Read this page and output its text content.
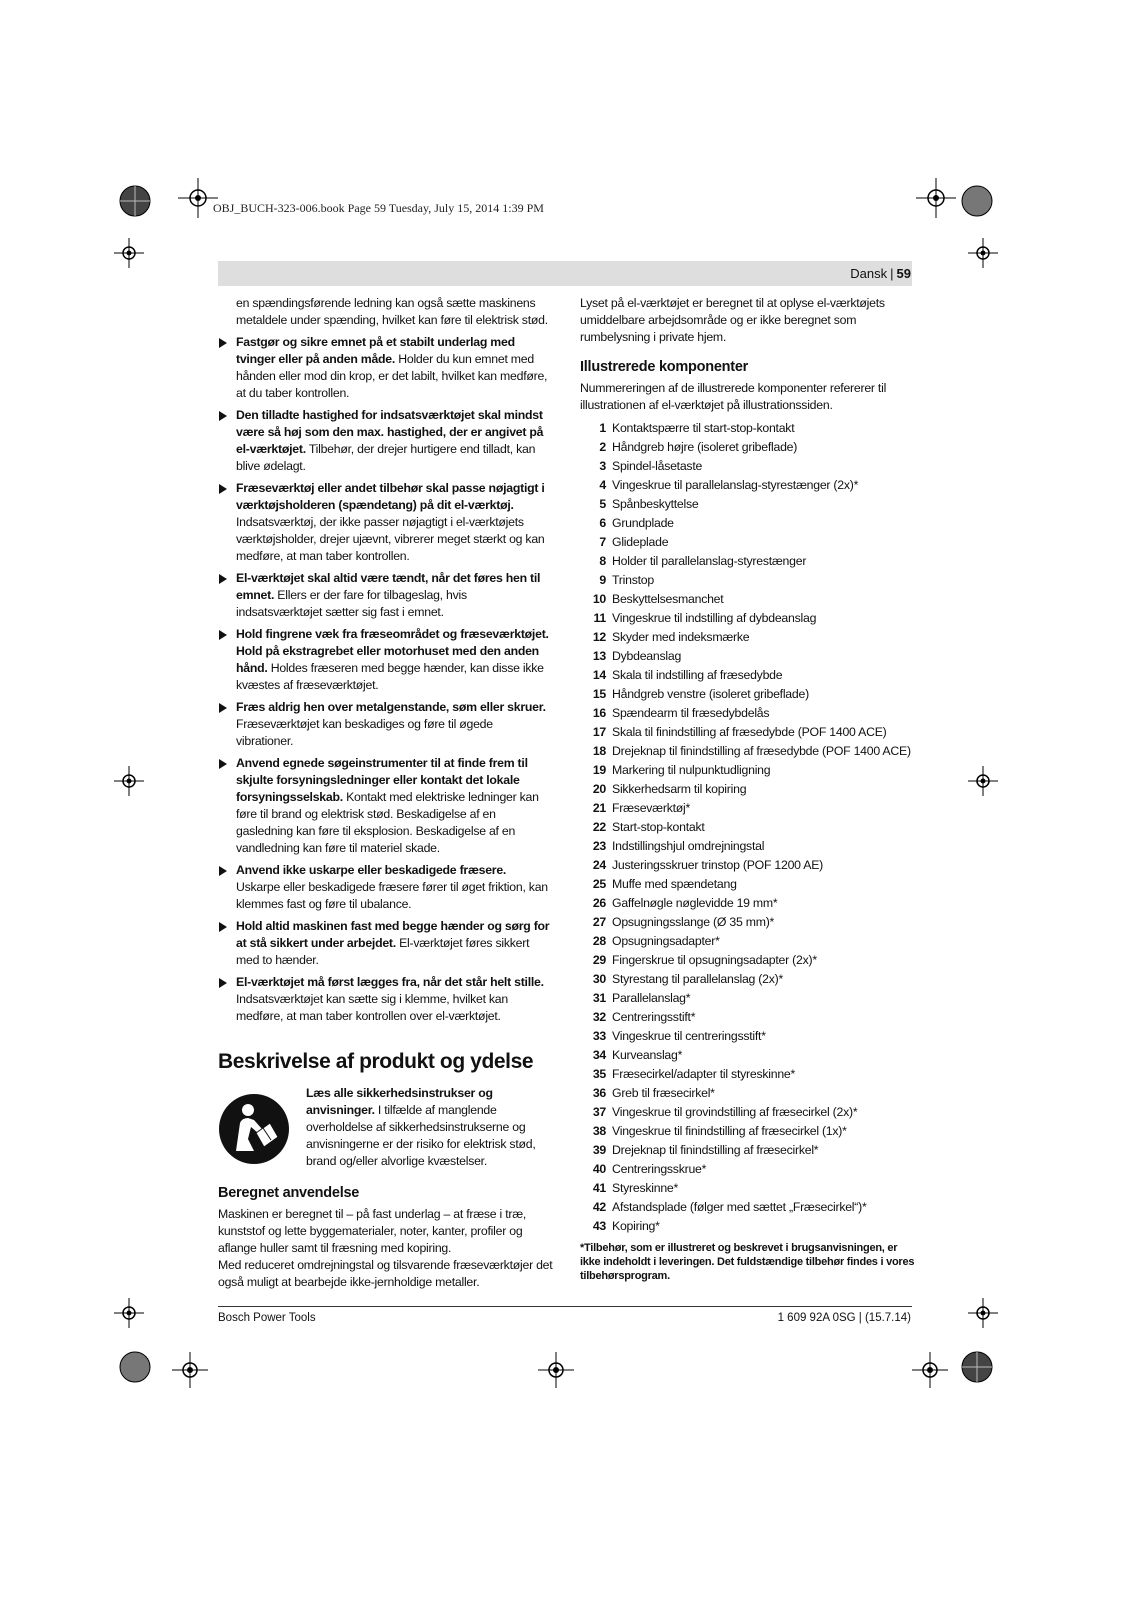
OBJ_BUCH-323-006.book Page 59 Tuesday, July 15, 2014 1:39 PM
Dansk | 59

en spændingsførende ledning kan også sætte maskinens metaldele under spænding, hvilket kan føre til elektrisk stød.

Fastgør og sikre emnet på et stabilt underlag med tvinger eller på anden måde. Holder du kun emnet med hånden eller mod din krop, er det labilt, hvilket kan medføre, at du taber kontrollen.
Den tilladte hastighed for indsatsværktøjet skal mindst være så høj som den max. hastighed, der er angivet på el-værktøjet. Tilbehør, der drejer hurtigere end tilladt, kan blive ødelagt.
Fræseværktøj eller andet tilbehør skal passe nøjagtigt i værktøjsholderen (spændetang) på dit el-værktøj. Indsatsværktøj, der ikke passer nøjagtigt i el-værktøjets værktøjsholder, drejer ujævnt, vibrerer meget stærkt og kan medføre, at man taber kontrollen.
El-værktøjet skal altid være tændt, når det føres hen til emnet. Ellers er der fare for tilbageslag, hvis indsatsværktøjet sætter sig fast i emnet.
Hold fingrene væk fra fræseområdet og fræseværktøjet. Hold på ekstragrebet eller motorhuset med den anden hånd. Holdes fræseren med begge hænder, kan disse ikke kvæstes af fræseværktøjet.
Fræs aldrig hen over metalgenstande, søm eller skruer. Fræseværktøjet kan beskadiges og føre til øgede vibrationer.
Anvend egnede søgeinstrumenter til at finde frem til skjulte forsyningsledninger eller kontakt det lokale forsyningsselskab. Kontakt med elektriske ledninger kan føre til brand og elektrisk stød. Beskadigelse af en gasledning kan føre til eksplosion. Beskadigelse af en vandledning kan føre til materiel skade.
Anvend ikke uskarpe eller beskadigede fræsere. Uskarpe eller beskadigede fræsere fører til øget friktion, kan klemmes fast og føre til ubalance.
Hold altid maskinen fast med begge hænder og sørg for at stå sikkert under arbejdet. El-værktøjet føres sikkert med to hænder.
El-værktøjet må først lægges fra, når det står helt stille. Indsatsværktøjet kan sætte sig i klemme, hvilket kan medføre, at man taber kontrollen over el-værktøjet.
Beskrivelse af produkt og ydelse
Læs alle sikkerhedsinstrukser og anvisninger. I tilfælde af manglende overholdelse af sikkerhedsinstrukserne og anvisningerne er der risiko for elektrisk stød, brand og/eller alvorlige kvæstelser.
Beregnet anvendelse

Maskinen er beregnet til – på fast underlag – at fræse i træ, kunststof og lette byggematerialer, noter, kanter, profiler og aflange huller samt til fræsning med kopiring.

Med reduceret omdrejningstal og tilsvarende fræseværktøjer det også muligt at bearbejde ikke-jernholdige metaller.

Lyset på el-værktøjet er beregnet til at oplyse el-værktøjets umiddelbare arbejdsområde og er ikke beregnet som rumbelysning i private hjem.

Illustrerede komponenter

Nummereringen af de illustrerede komponenter refererer til illustrationen af el-værktøjet på illustrationssiden.

1 Kontaktspærre til start-stop-kontakt
2 Håndgreb højre (isoleret gribeflade)
3 Spindel-låsetaste
4 Vingeskrue til parallelanslag-styrestænger (2x)*
5 Spånbeskyttelse
6 Grundplade
7 Glideplade
8 Holder til parallelanslag-styrestænger
9 Trinstop
10 Beskyttelsesmanchet
11 Vingeskrue til indstilling af dybdeanslag
12 Skyder med indeksmærke
13 Dybdeanslag
14 Skala til indstilling af fræsedybde
15 Håndgreb venstre (isoleret gribeflade)
16 Spændearm til fræsedybdelås
17 Skala til finindstilling af fræsedybde (POF 1400 ACE)
18 Drejeknap til finindstilling af fræsedybde (POF 1400 ACE)
19 Markering til nulpunktudligning
20 Sikkerhedsarm til kopiring
21 Fræseværktøj*
22 Start-stop-kontakt
23 Indstillingshjul omdrejningstal
24 Justeringsskruer trinstop (POF 1200 AE)
25 Muffe med spændetang
26 Gaffelnøgle nøglevidde 19 mm*
27 Opsugningsslange (Ø 35 mm)*
28 Opsugningsadapter*
29 Fingerskrue til opsugningsadapter (2x)*
30 Styrestang til parallelanslag (2x)*
31 Parallelanslag*
32 Centreringsstift*
33 Vingeskrue til centreringsstift*
34 Kurveanslag*
35 Fræsecirkel/adapter til styreskinne*
36 Greb til fræsecirkel*
37 Vingeskrue til grovindstilling af fræsecirkel (2x)*
38 Vingeskrue til finindstilling af fræsecirkel (1x)*
39 Drejeknap til finindstilling af fræsecirkel*
40 Centreringsskrue*
41 Styreskinne*
42 Afstandsplade (følger med sættet „Fræsecirkel“)*
43 Kopiring*
*Tilbehør, som er illustreret og beskrevet i brugsanvisningen, er ikke indeholdt i leveringen. Det fuldstændige tilbehør findes i vores tilbehørsprogram.
Bosch Power Tools	1 609 92A 0SG | (15.7.14)
